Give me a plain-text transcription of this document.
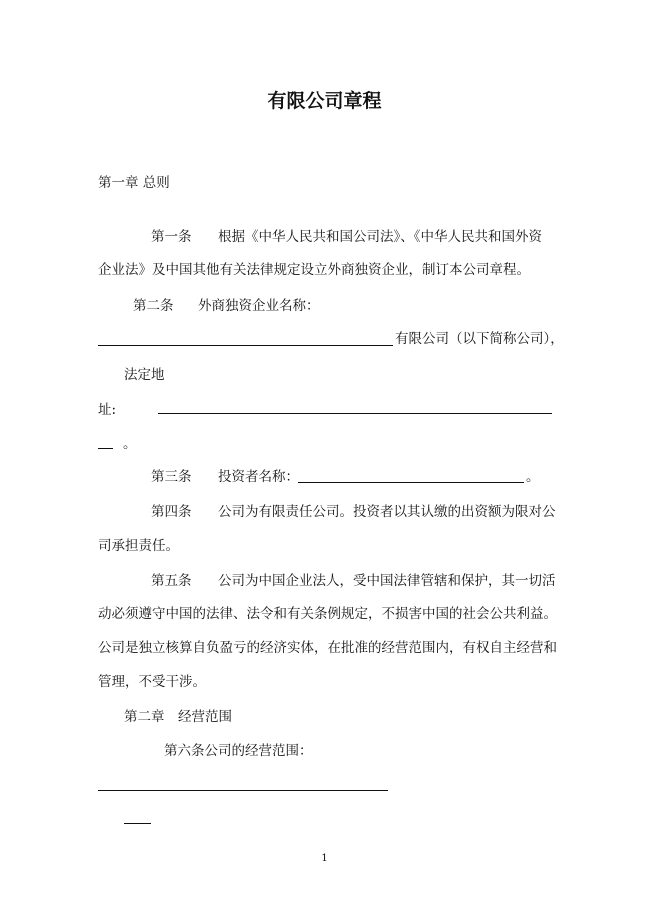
有限公司章程
第一章 总则
第一条 根据《中华人民共和国公司法》、《中华人民共和国外资
企业法》及中国其他有关法律规定设立外商独资企业，制订本公司章程。
第二条 外商独资企业名称：
有限公司（以下简称公司），
法定地
址:
。
第三条 投资者名称：	。
第四条 公司为有限责任公司。投资者以其认缴的出资额为限对公
司承担责任。
第五条 公司为中国企业法人，受中国法律管辖和保护，其一切活
动必须遵守中国的法律、法令和有关条例规定，不损害中国的社会公共利益。
公司是独立核算自负盈亏的经济实体，在批准的经营范围内，有权自主经营和
管理，不受干涉。
第二章　经营范围
第六条公司的经营范围：
1
